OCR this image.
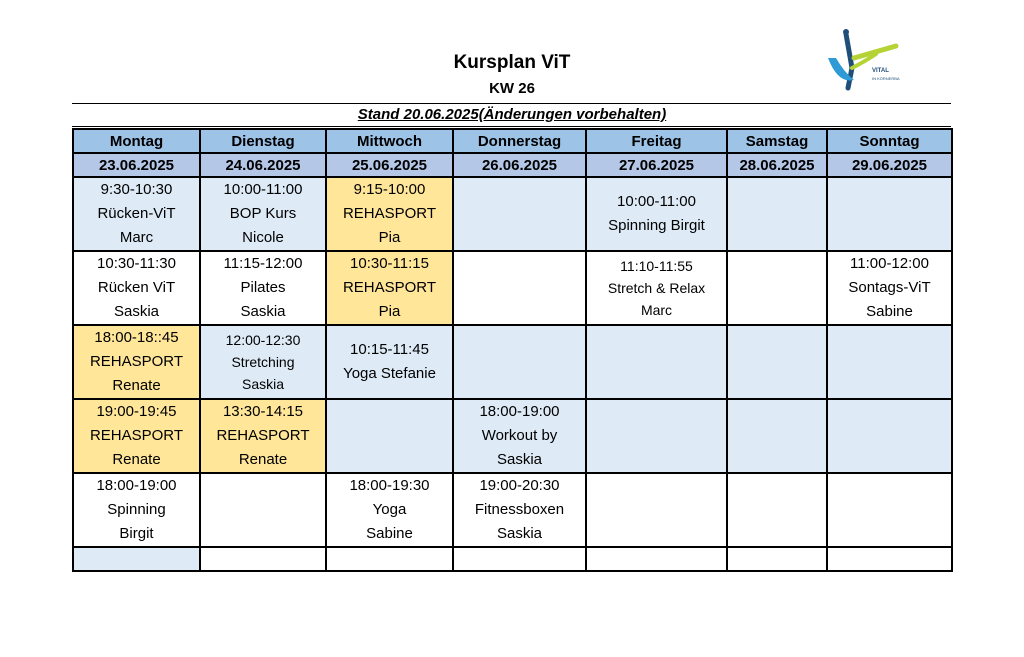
Kursplan ViT
KW 26
VITAL
IN KÖRNERBA
Stand 20.06.2025(Änderungen vorbehalten)
Montag	Dienstag	Mittwoch	Donnerstag	Freitag	Samstag	Sonntag
23.06.2025	24.06.2025	25.06.2025	26.06.2025	27.06.2025	28.06.2025	29.06.2025

9:30-10:30
Rücken-ViT
Marc	10:00-11:00
BOP Kurs
Nicole	9:15-10:00
REHASPORT
Pia		10:00-11:00
Spinning Birgit		

10:30-11:30
Rücken ViT
Saskia	11:15-12:00
Pilates
Saskia	10:30-11:15
REHASPORT
Pia		11:10-11:55
Stretch & Relax
Marc		11:00-12:00
Sontags-ViT
Sabine

18:00-18::45
REHASPORT
Renate	12:00-12:30
Stretching
Saskia	10:15-11:45
Yoga Stefanie				

19:00-19:45
REHASPORT
Renate	13:30-14:15
REHASPORT
Renate		18:00-19:00
Workout by
Saskia			

18:00-19:00
Spinning
Birgit		18:00-19:30
Yoga
Sabine	19:00-20:30
Fitnessboxen
Saskia			
